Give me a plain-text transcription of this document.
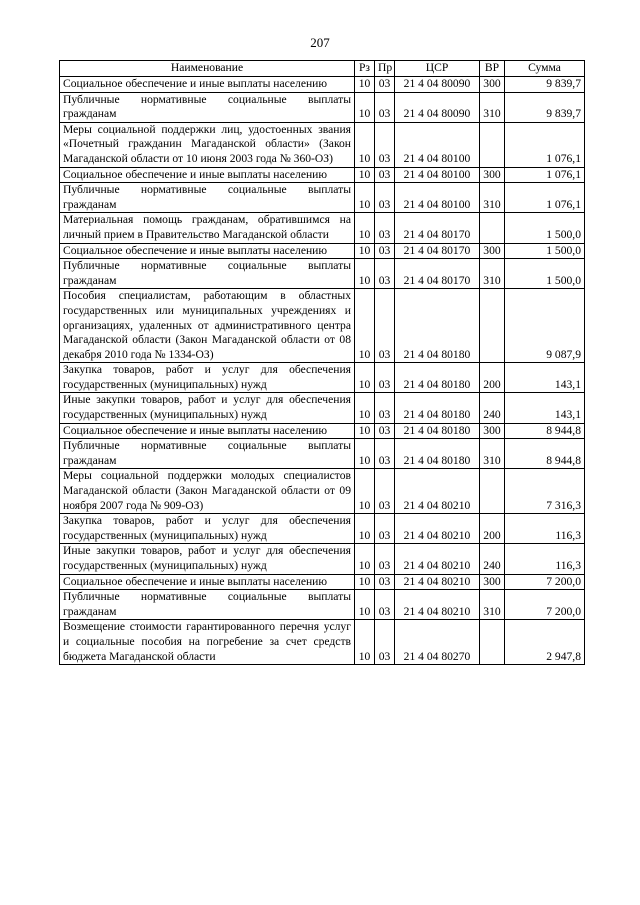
207
Наименование	Рз	Пр	ЦСР	ВР	Сумма
Социальное обеспечение и иные выплаты населению	10	03	21 4 04 80090	300	9 839,7
Публичные нормативные социальные выплаты гражданам	10	03	21 4 04 80090	310	9 839,7
Меры социальной поддержки лиц, удостоенных звания «Почетный гражданин Магаданской области» (Закон Магаданской области от 10 июня 2003 года № 360-ОЗ)	10	03	21 4 04 80100		1 076,1
Социальное обеспечение и иные выплаты населению	10	03	21 4 04 80100	300	1 076,1
Публичные нормативные социальные выплаты гражданам	10	03	21 4 04 80100	310	1 076,1
Материальная помощь гражданам, обратившимся на личный прием в Правительство Магаданской области	10	03	21 4 04 80170		1 500,0
Социальное обеспечение и иные выплаты населению	10	03	21 4 04 80170	300	1 500,0
Публичные нормативные социальные выплаты гражданам	10	03	21 4 04 80170	310	1 500,0
Пособия специалистам, работающим в областных государственных или муниципальных учреждениях и организациях, удаленных от административного центра Магаданской области (Закон Магаданской области от 08 декабря 2010 года № 1334-ОЗ)	10	03	21 4 04 80180		9 087,9
Закупка товаров, работ и услуг для обеспечения государственных (муниципальных) нужд	10	03	21 4 04 80180	200	143,1
Иные закупки товаров, работ и услуг для обеспечения государственных (муниципальных) нужд	10	03	21 4 04 80180	240	143,1
Социальное обеспечение и иные выплаты населению	10	03	21 4 04 80180	300	8 944,8
Публичные нормативные социальные выплаты гражданам	10	03	21 4 04 80180	310	8 944,8
Меры социальной поддержки молодых специалистов Магаданской области (Закон Магаданской области от 09 ноября 2007 года № 909-ОЗ)	10	03	21 4 04 80210		7 316,3
Закупка товаров, работ и услуг для обеспечения государственных (муниципальных) нужд	10	03	21 4 04 80210	200	116,3
Иные закупки товаров, работ и услуг для обеспечения государственных (муниципальных) нужд	10	03	21 4 04 80210	240	116,3
Социальное обеспечение и иные выплаты населению	10	03	21 4 04 80210	300	7 200,0
Публичные нормативные социальные выплаты гражданам	10	03	21 4 04 80210	310	7 200,0
Возмещение стоимости гарантированного перечня услуг и социальные пособия на погребение за счет средств бюджета Магаданской области	10	03	21 4 04 80270		2 947,8
